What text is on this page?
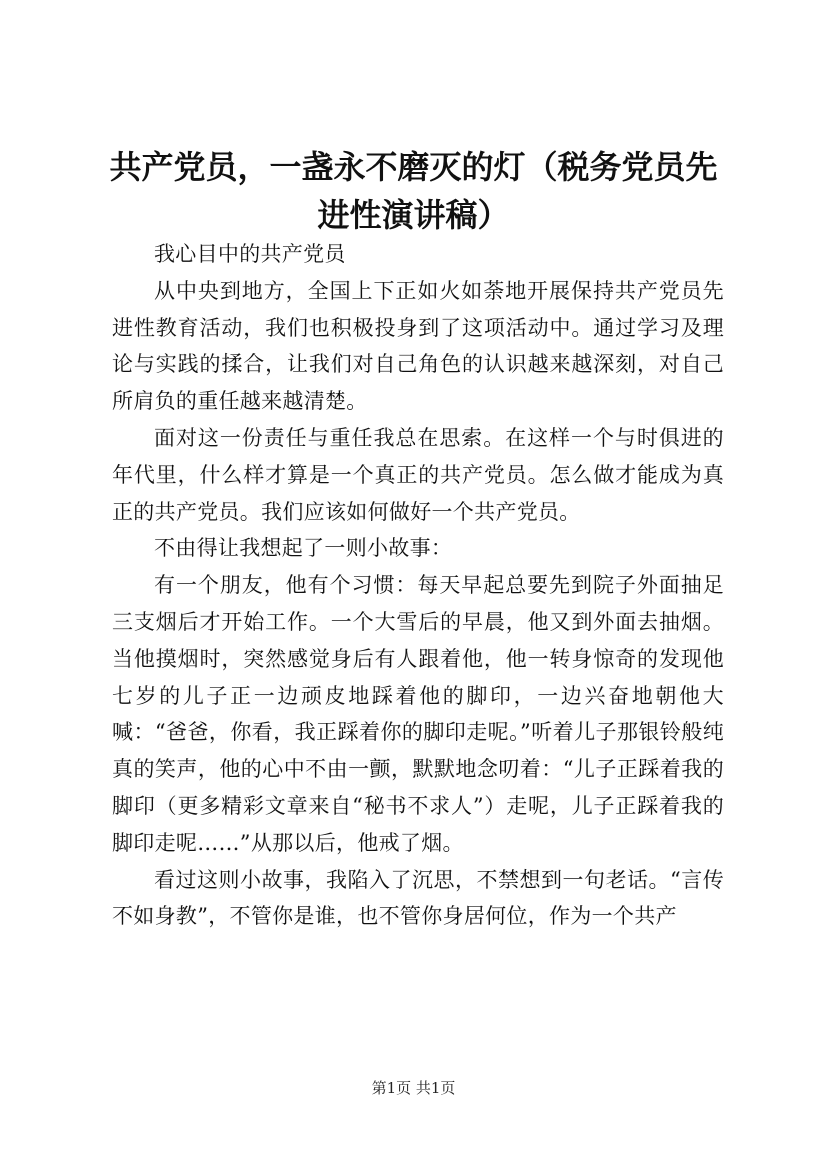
共产党员，一盏永不磨灭的灯（税务党员先进性演讲稿）

我心目中的共产党员

从中央到地方，全国上下正如火如荼地开展保持共产党员先进性教育活动，我们也积极投身到了这项活动中。通过学习及理论与实践的揉合，让我们对自己角色的认识越来越深刻，对自己所肩负的重任越来越清楚。

面对这一份责任与重任我总在思索。在这样一个与时俱进的年代里，什么样才算是一个真正的共产党员。怎么做才能成为真正的共产党员。我们应该如何做好一个共产党员。

不由得让我想起了一则小故事：

有一个朋友，他有个习惯：每天早起总要先到院子外面抽足三支烟后才开始工作。一个大雪后的早晨，他又到外面去抽烟。当他摸烟时，突然感觉身后有人跟着他，他一转身惊奇的发现他七岁的儿子正一边顽皮地踩着他的脚印，一边兴奋地朝他大喊：“爸爸，你看，我正踩着你的脚印走呢。”听着儿子那银铃般纯真的笑声，他的心中不由一颤，默默地念叨着：“儿子正踩着我的脚印（更多精彩文章来自“秘书不求人”）走呢，儿子正踩着我的脚印走呢……”从那以后，他戒了烟。

看过这则小故事，我陷入了沉思，不禁想到一句老话。“言传不如身教”，不管你是谁，也不管你身居何位，作为一个共产

第1页 共1页
